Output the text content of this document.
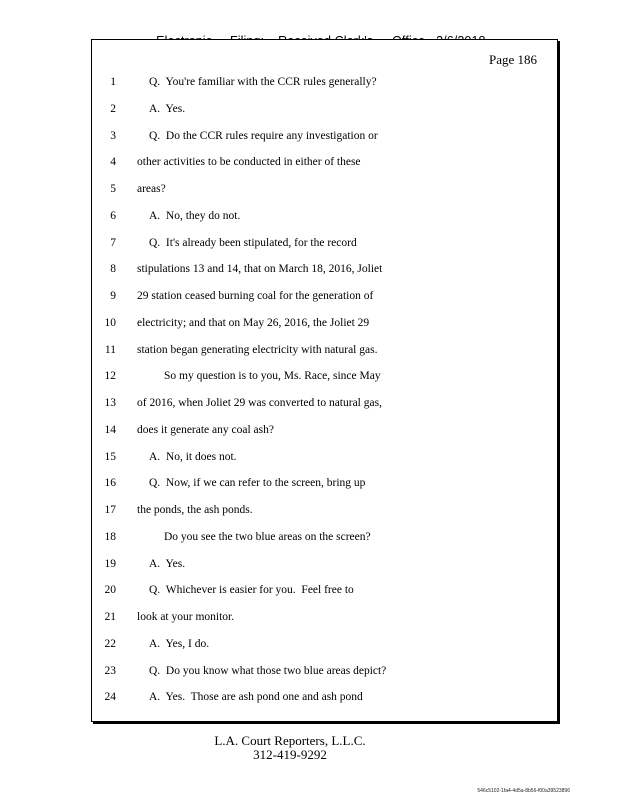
Page 186
1	Q.  You're familiar with the CCR rules generally?
2	A.  Yes.
3	Q.  Do the CCR rules require any investigation or
4 other activities to be conducted in either of these
5 areas?
6	A.  No, they do not.
7	Q.  It's already been stipulated, for the record
8 stipulations 13 and 14, that on March 18, 2016, Joliet
9 29 station ceased burning coal for the generation of
10 electricity; and that on May 26, 2016, the Joliet 29
11 station began generating electricity with natural gas.
12	So my question is to you, Ms. Race, since May
13 of 2016, when Joliet 29 was converted to natural gas,
14 does it generate any coal ash?
15	A.  No, it does not.
16	Q.  Now, if we can refer to the screen, bring up
17 the ponds, the ash ponds.
18	Do you see the two blue areas on the screen?
19	A.  Yes.
20	Q.  Whichever is easier for you.  Feel free to
21 look at your monitor.
22	A.  Yes, I do.
23	Q.  Do you know what those two blue areas depict?
24	A.  Yes.  Those are ash pond one and ash pond
L.A. Court Reporters, L.L.C.
312-419-9292
546c5102-1fa4-4d5a-8b56-f00a39523896
